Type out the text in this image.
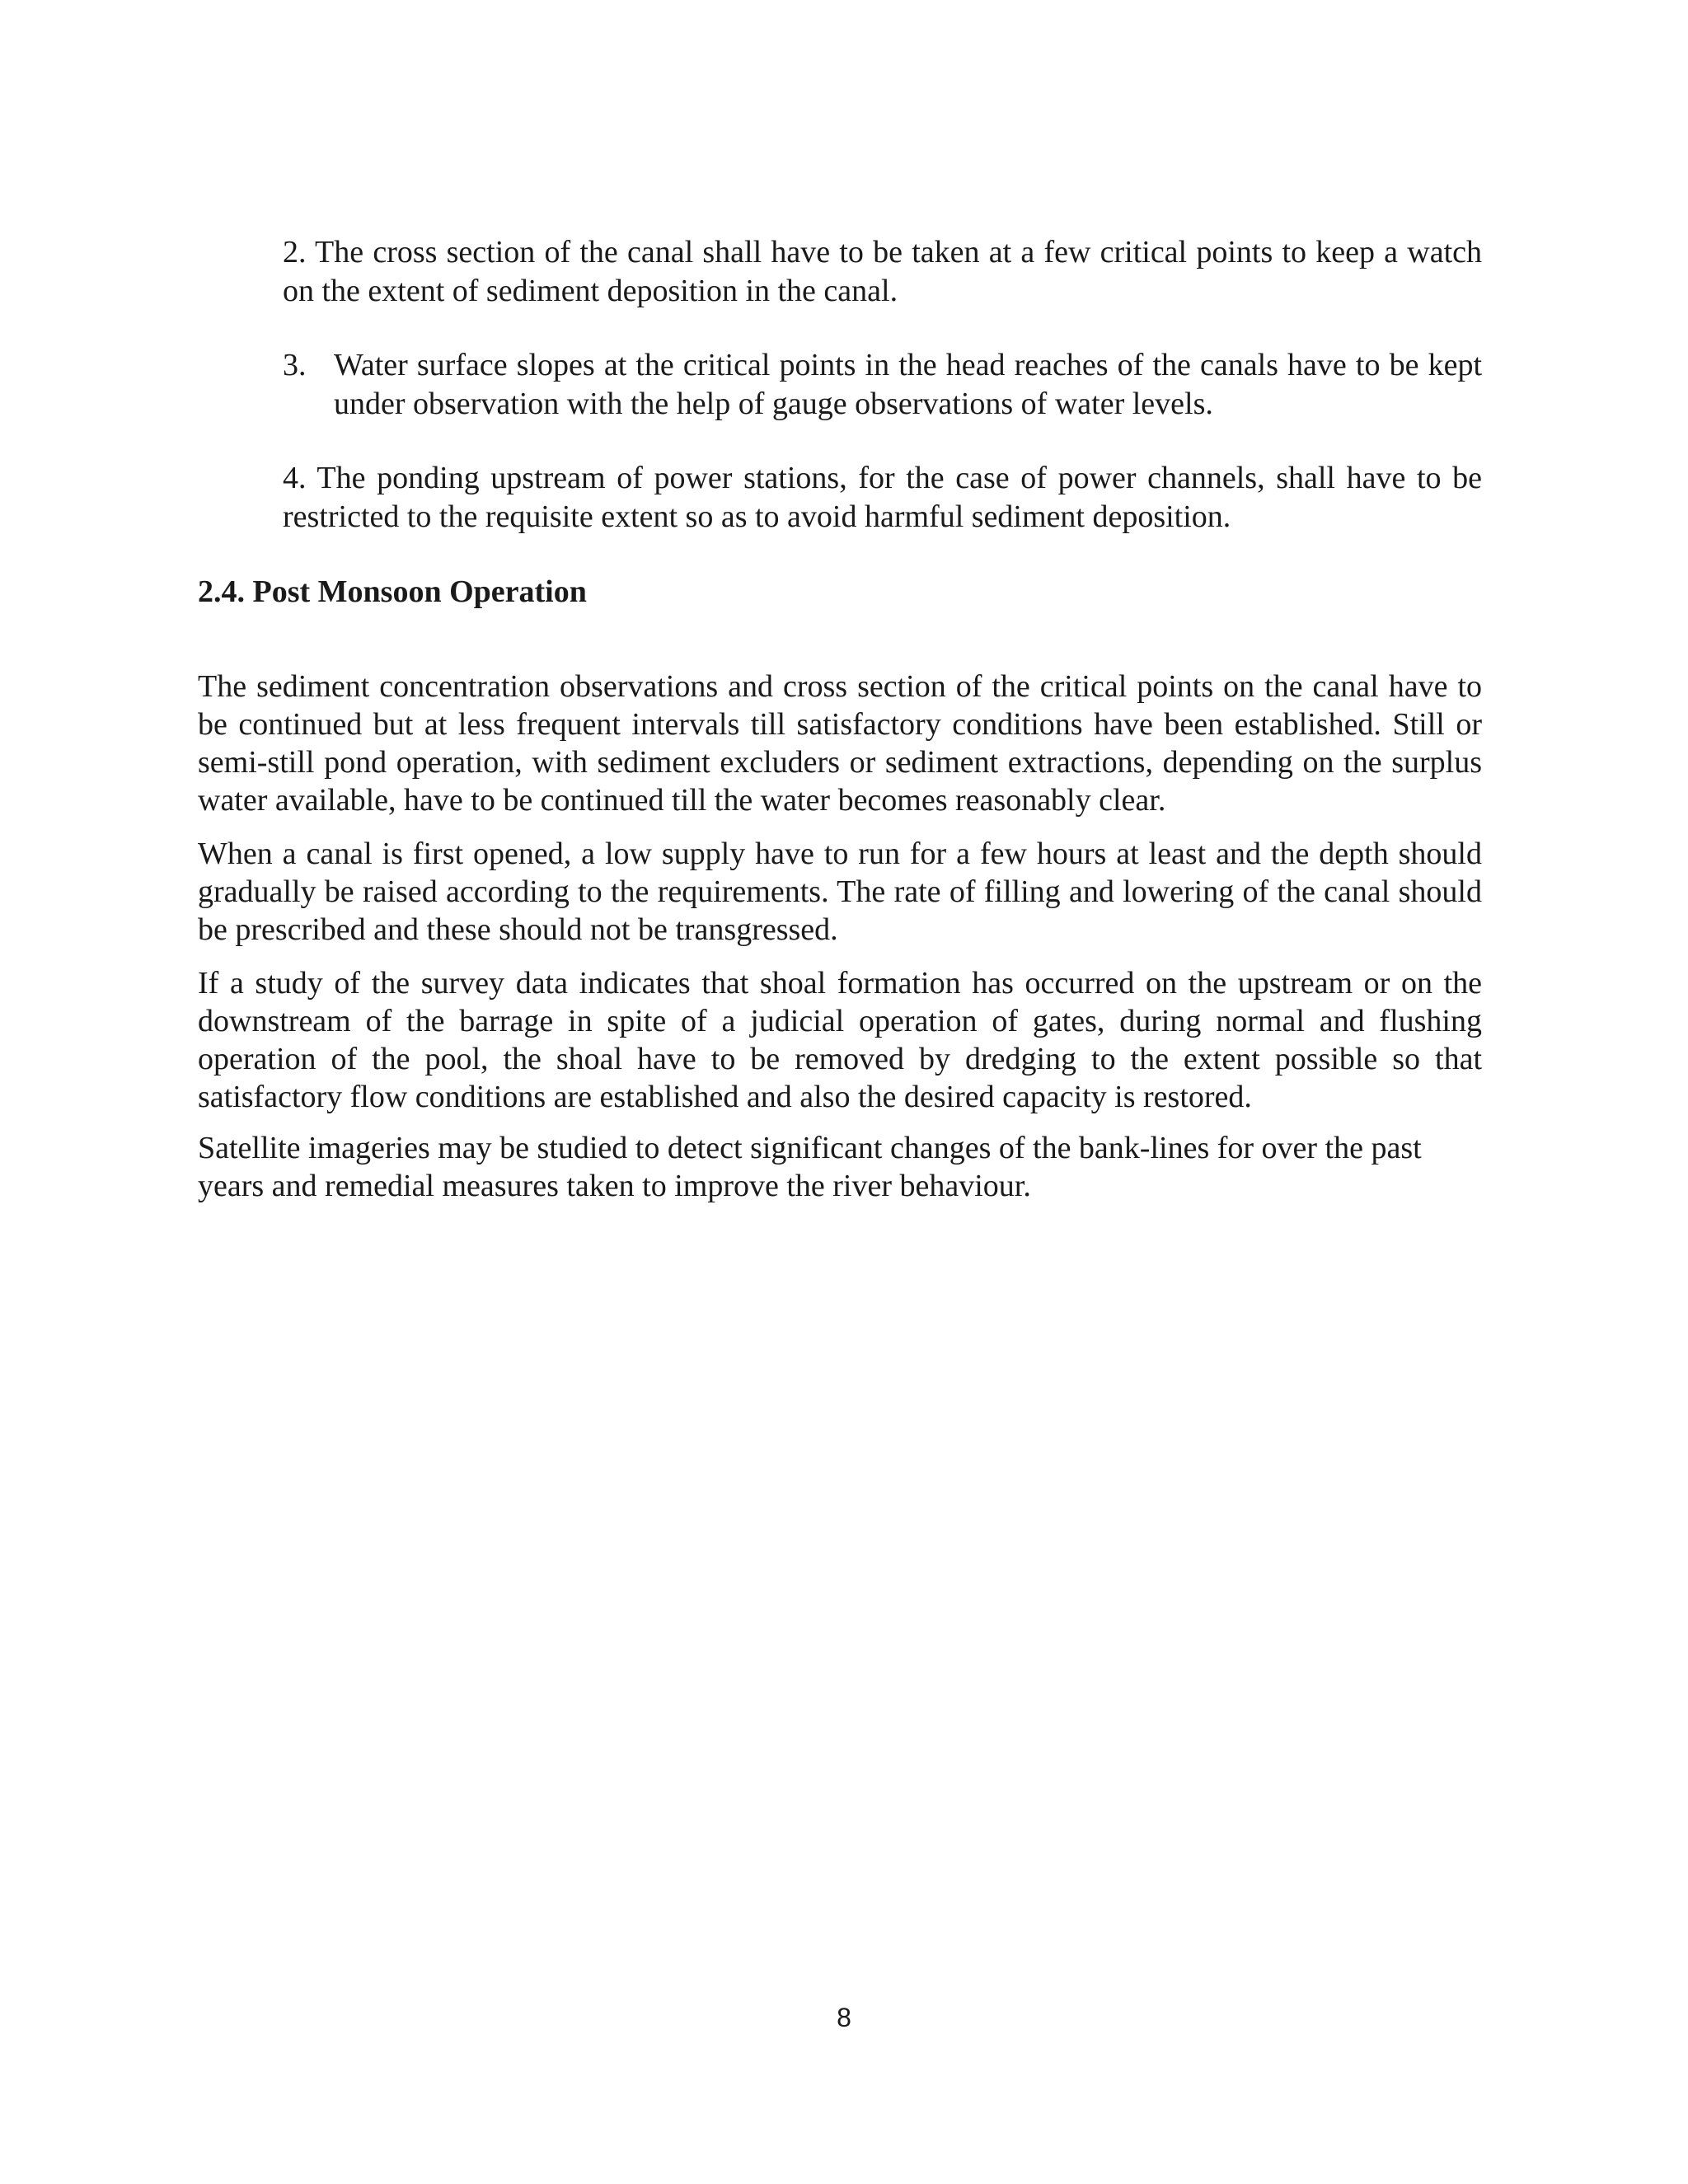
2. The cross section of the canal shall have to be taken at a few critical points to keep a watch on the extent of sediment deposition in the canal.

3. Water surface slopes at the critical points in the head reaches of the canals have to be kept under observation with the help of gauge observations of water levels.

4. The ponding upstream of power stations, for the case of power channels, shall have to be restricted to the requisite extent so as to avoid harmful sediment deposition.

2.4. Post Monsoon Operation

The sediment concentration observations and cross section of the critical points on the canal have to be continued but at less frequent intervals till satisfactory conditions have been established. Still or semi-still pond operation, with sediment excluders or sediment extractions, depending on the surplus water available, have to be continued till the water becomes reasonably clear.

When a canal is first opened, a low supply have to run for a few hours at least and the depth should gradually be raised according to the requirements. The rate of filling and lowering of the canal should be prescribed and these should not be transgressed.

If a study of the survey data indicates that shoal formation has occurred on the upstream or on the downstream of the barrage in spite of a judicial operation of gates, during normal and flushing operation of the pool, the shoal have to be removed by dredging to the extent possible so that satisfactory flow conditions are established and also the desired capacity is restored.

Satellite imageries may be studied to detect significant changes of the bank-lines for over the past years and remedial measures taken to improve the river behaviour.

8
